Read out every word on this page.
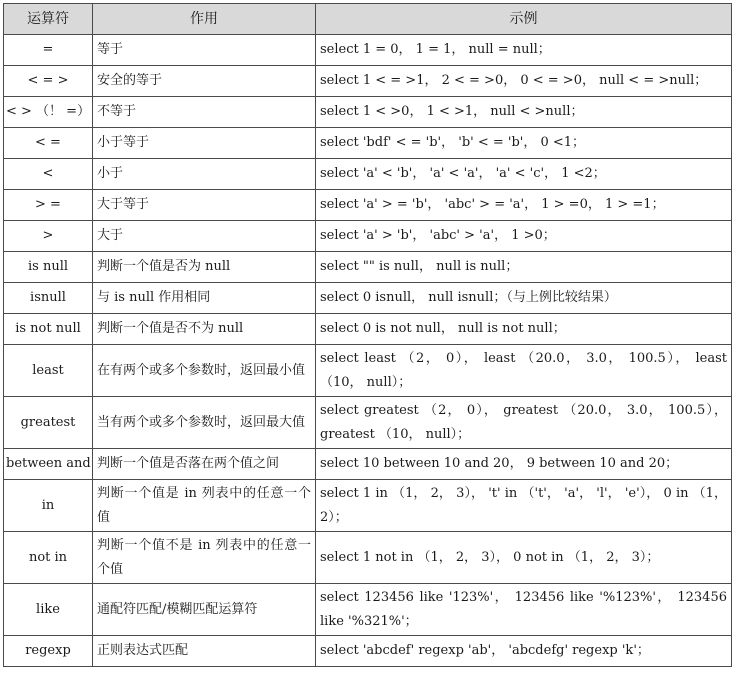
运算符	作用	示例
=	等于	select 1 = 0， 1 = 1， null = null；
< = >	安全的等于	select 1 < = >1， 2 < = >0， 0 < = >0， null < = >null；
< > （！ =）	不等于	select 1 < >0， 1 < >1， null < >null；
< =	小于等于	select 'bdf' < = 'b'， 'b' < = 'b'， 0 <1；
<	小于	select 'a' < 'b'， 'a' < 'a'， 'a' < 'c'， 1 <2；
> =	大于等于	select 'a' > = 'b'， 'abc' > = 'a'， 1 > =0， 1 > =1；
>	大于	select 'a' > 'b'， 'abc' > 'a'， 1 >0；
is null	判断一个值是否为 null	select "" is null， null is null；
isnull	与 is null 作用相同	select 0 isnull， null isnull；（与上例比较结果）
is not null	判断一个值是否不为 null	select 0 is not null， null is not null；
least	在有两个或多个参数时，返回最小值	select least （2， 0）， least （20.0， 3.0， 100.5）， least （10， null）；
greatest	当有两个或多个参数时，返回最大值	select greatest （2， 0）， greatest （20.0， 3.0， 100.5）， greatest （10， null）；
between and	判断一个值是否落在两个值之间	select 10 between 10 and 20， 9 between 10 and 20；
in	判断一个值是 in 列表中的任意一个值	select 1 in （1， 2， 3）， 't' in （'t'， 'a'， 'l'， 'e'）， 0 in （1， 2）；
not in	判断一个值不是 in 列表中的任意一个值	select 1 not in （1， 2， 3）， 0 not in （1， 2， 3）；
like	通配符匹配/模糊匹配运算符	select 123456 like '123%'， 123456 like '%123%'， 123456 like '%321%'；
regexp	正则表达式匹配	select 'abcdef' regexp 'ab'， 'abcdefg' regexp 'k'；
